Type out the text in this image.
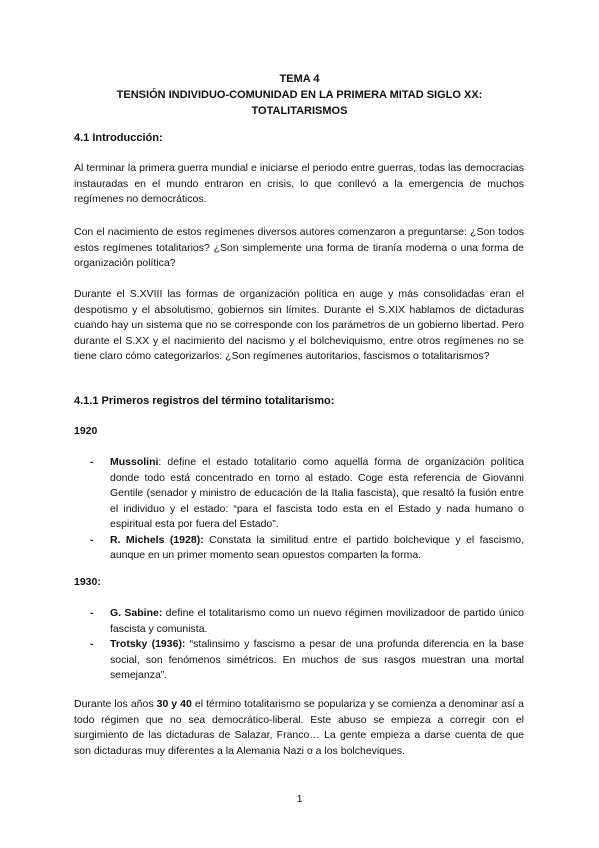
TEMA 4
TENSIÓN INDIVIDUO-COMUNIDAD EN LA PRIMERA MITAD SIGLO XX:
TOTALITARISMOS
4.1 Introducción:
Al terminar la primera guerra mundial e iniciarse el periodo entre guerras, todas las democracias instauradas en el mundo entraron en crisis, lo que conllevó a la emergencia de muchos regímenes no democráticos.
Con el nacimiento de estos regímenes diversos autores comenzaron a preguntarse: ¿Son todos estos regímenes totalitarios? ¿Son simplemente una forma de tiranía moderna o una forma de organización política?
Durante el S.XVIII las formas de organización política en auge y más consolidadas eran el despotismo y el absolutismo, gobiernos sin límites. Durante el S.XIX hablamos de dictaduras cuando hay un sistema que no se corresponde con los parámetros de un gobierno libertad. Pero durante el S.XX y el nacimiento del nacismo y el bolcheviquismo, entre otros regímenes no se tiene claro cómo categorizarlos: ¿Son regímenes autoritarios, fascismos o totalitarismos?
4.1.1 Primeros registros del término totalitarismo:
1920
- Mussolini: define el estado totalitario como aquella forma de organización política donde todo está concentrado en torno al estado. Coge esta referencia de Giovanni Gentile (senador y ministro de educación de la Italia fascista), que resaltó la fusión entre el individuo y el estado: “para el fascista todo esta en el Estado y nada humano o espiritual esta por fuera del Estado”.
- R. Michels (1928): Constata la similitud entre el partido bolchevique y el fascismo, aunque en un primer momento sean opuestos comparten la forma.
1930:
- G. Sabine: define el totalitarismo como un nuevo régimen movilizadoor de partido único fascista y comunista.
- Trotsky (1936): “stalinsimo y fascismo a pesar de una profunda diferencia en la base social, son fenómenos simétricos. En muchos de sus rasgos muestran una mortal semejanza”.
Durante los años 30 y 40 el término totalitarismo se populariza y se comienza a denominar así a todo régimen que no sea democrático-liberal. Este abuso se empieza a corregir con el surgimiento de las dictaduras de Salazar, Franco… La gente empieza a darse cuenta de que son dictaduras muy diferentes a la Alemania Nazi o a los bolcheviques.
1
